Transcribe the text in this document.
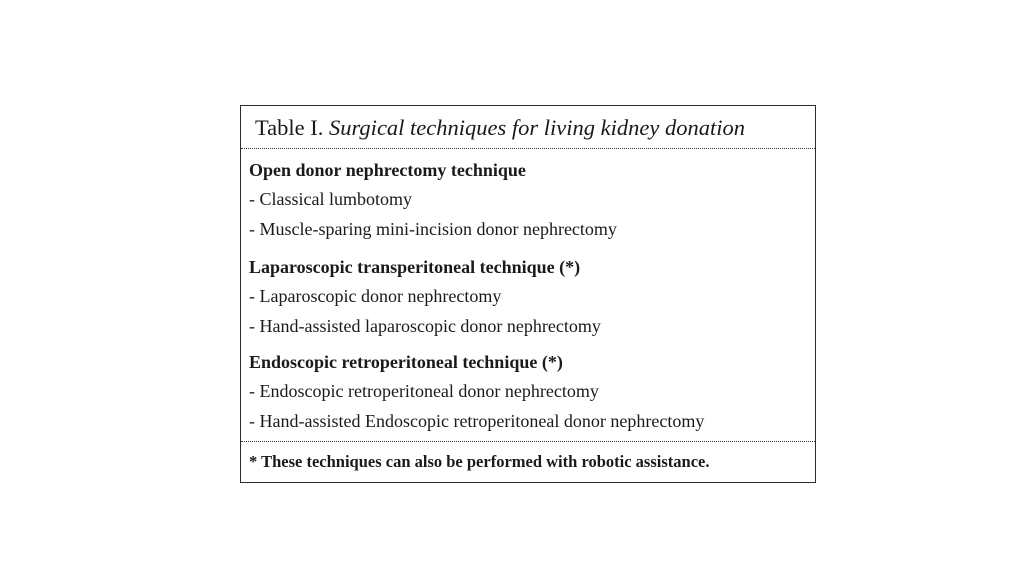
Table I. Surgical techniques for living kidney donation
Open donor nephrectomy technique
- Classical lumbotomy
- Muscle-sparing mini-incision donor nephrectomy
Laparoscopic transperitoneal technique (*)
- Laparoscopic donor nephrectomy
- Hand-assisted laparoscopic donor nephrectomy
Endoscopic retroperitoneal technique (*)
- Endoscopic retroperitoneal donor nephrectomy
- Hand-assisted Endoscopic retroperitoneal donor nephrectomy
* These techniques can also be performed with robotic assistance.
